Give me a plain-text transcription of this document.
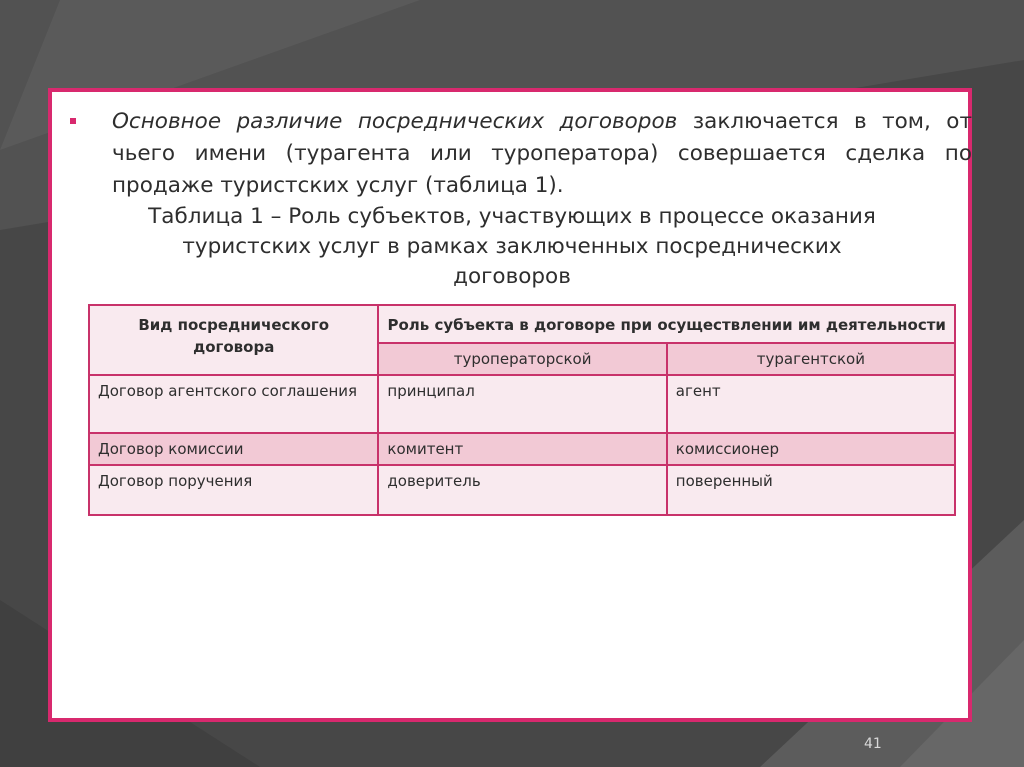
Основное различие посреднических договоров заключается в том, от чьего имени (турагента или туроператора) совершается сделка по продаже туристских услуг (таблица 1).
Таблица 1 – Роль субъектов, участвующих в процессе оказания
туристских услуг в рамках заключенных посреднических
договоров
Вид посреднического договора	Роль субъекта в договоре при осуществлении им деятельности	
	туроператорской	турагентской
Договор агентского соглашения	принципал	агент
Договор комиссии	комитент	комиссионер
Договор поручения	доверитель	поверенный
41
